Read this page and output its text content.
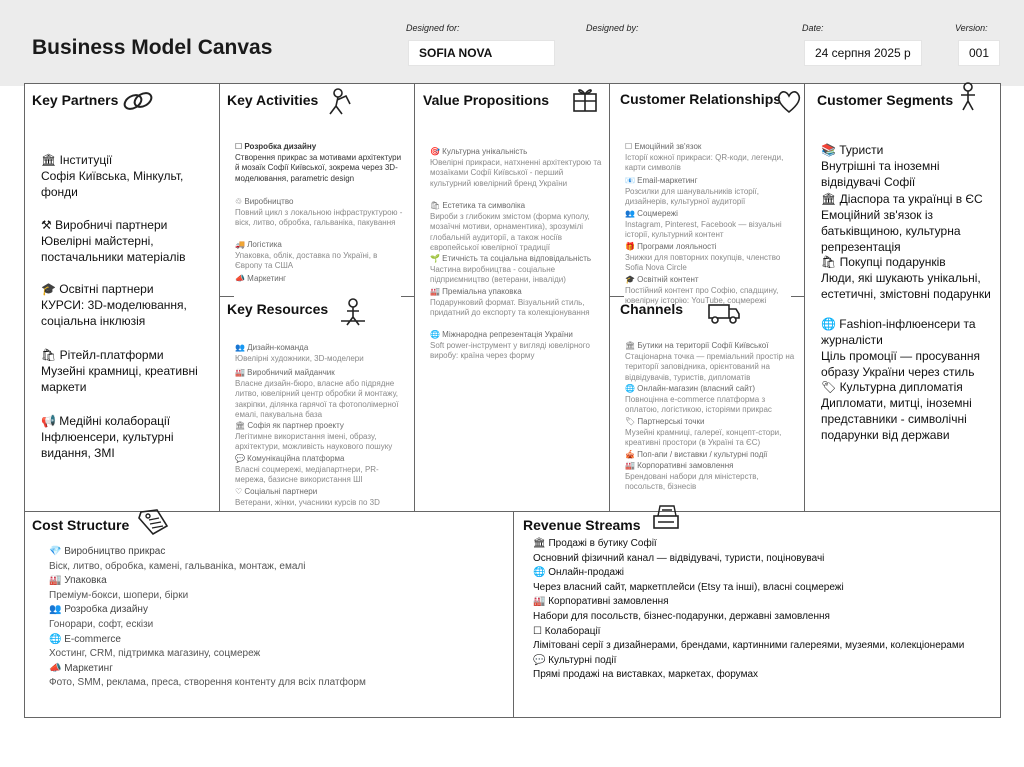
Business Model Canvas
Designed for:
SOFIA NOVA
Designed by:	Date:
24 серпня 2025 р
Version:
001
Key Partners
🏛 Інституції
Софія Київська, Мінкульт, фонди
⚒ Виробничі партнери
Ювелірні майстерні, постачальники матеріалів
🎓 Освітні партнери
КУРСИ: 3D-моделювання, соціальна інклюзія
🛍 Рітейл-платформи
Музейні крамниці, креативні маркети
📢 Медійні колаборації
Інфлюенсери, культурні видання, ЗМІ
Key Activities
☐ Розробка дизайну
Створення прикрас за мотивами архітектури й мозаїк Софії Київської, зокрема через 3D-моделювання, parametric design
♲ Виробництво
Повний цикл з локальною інфраструктурою - віск, литво, обробка, гальваніка, пакування
🚚 Логістика
Упаковка, облік, доставка по Україні, в Європу та США
📣 Маркетинг
Key Resources
👥 Дизайн-команда
Ювелірні художники, 3D-моделери
🏭 Виробничий майданчик
Власне дизайн-бюро, власне або підрядне литво, ювелірний центр обробки й монтажу, закріпки, ділянка гарячої та фотополімерної емалі, пакувальна база
🏛 Софія як партнер проекту
Легітимне використання імені, образу, архітектури, можливість наукового пошуку
💬 Комунікаційна платформа
Власні соцмережі, медіапартнери, PR-мережа, базисне використання ШІ
♡ Соціальні партнери
Ветерани, жінки, учасники курсів по 3D
Value Propositions
🎯 Культурна унікальність
Ювелірні прикраси, натхненні архітектурою та мозаїками Софії Київської - перший культурний ювелірний бренд України
🛍 Естетика та символіка
Вироби з глибоким змістом (форма куполу, мозаїчні мотиви, орнаментика), зрозумілі глобальній аудиторії, а також носіїв європейської ювелірної традиції
🌱 Етичність та соціальна відповідальність
Частина виробництва - соціальне підприємництво (ветерани, інваліди)
🏭 Преміальна упаковка
Подарунковий формат. Візуальний стиль, придатний до експорту та колекціонування
🌐 Міжнародна репрезентація України
Soft power-інструмент у вигляді ювелірного виробу: країна через форму
Customer Relationships
☐ Емоційний зв'язок
Історії кожної прикраси: QR-коди, легенди, карти символів
📧 Email-маркетинг
Розсилки для шанувальників історії, дизайнерів, культурної аудиторії
👥 Соцмережі
Instagram, Pinterest, Facebook — візуальні історії, культурний контент
🎁 Програми лояльності
Знижки для повторних покупців, членство Sofia Nova Circle
🎓 Освітній контент
Постійний контент про Софію, спадщину, ювелірну історію: YouTube, соцмережі
Channels
🏛 Бутики на території Софії Київської
Стаціонарна точка — преміальний простір на території заповідника, орієнтований на відвідувачів, туристів, дипломатів
🌐 Онлайн-магазин (власний сайт)
Повноцінна e-commerce платформа з оплатою, логістикою, історіями прикрас
🏷 Партнерські точки
Музейні крамниці, галереї, концепт-стори, креативні простори (в Україні та ЄС)
🎪 Поп-апи / виставки / культурні події
🏭 Корпоративні замовлення
Брендовані набори для міністерств, посольств, бізнесів
Customer Segments
📚 Туристи
Внутрішні та іноземні відвідувачі Софії
🏛 Діаспора та українці в ЄС
Емоційний зв'язок із батьківщиною, культурна репрезентація
🛍 Покупці подарунків
Люди, які шукають унікальні, естетичні, змістовні подарунки
🌐 Fashion-інфлюенсери та журналісти
Ціль промоції — просування образу України через стиль
🏷 Культурна дипломатія
Дипломати, митці, іноземні представники - символічні подарунки від держави
Cost Structure
💎 Виробництво прикрас
Віск, литво, обробка, камені, гальваніка, монтаж, емалі
🏭 Упаковка
Преміум-бокси, шопери, бірки
👥 Розробка дизайну
Гонорари, софт, ескізи
🌐 E-commerce
Хостинг, CRM, підтримка магазину, соцмереж
📣 Маркетинг
Фото, SMM, реклама, преса, створення контенту для всіх платформ
Revenue Streams
🏛 Продажі в бутику Софії
Основний фізичний канал — відвідувачі, туристи, поціновувачі
🌐 Онлайн-продажі
Через власний сайт, маркетплейси (Etsy та інші), власні соцмережі
🏭 Корпоративні замовлення
Набори для посольств, бізнес-подарунки, державні замовлення
☐ Колаборації
Лімітовані серії з дизайнерами, брендами, картинними галереями, музеями, колекціонерами
💬 Культурні події
Прямі продажі на виставках, маркетах, форумах
